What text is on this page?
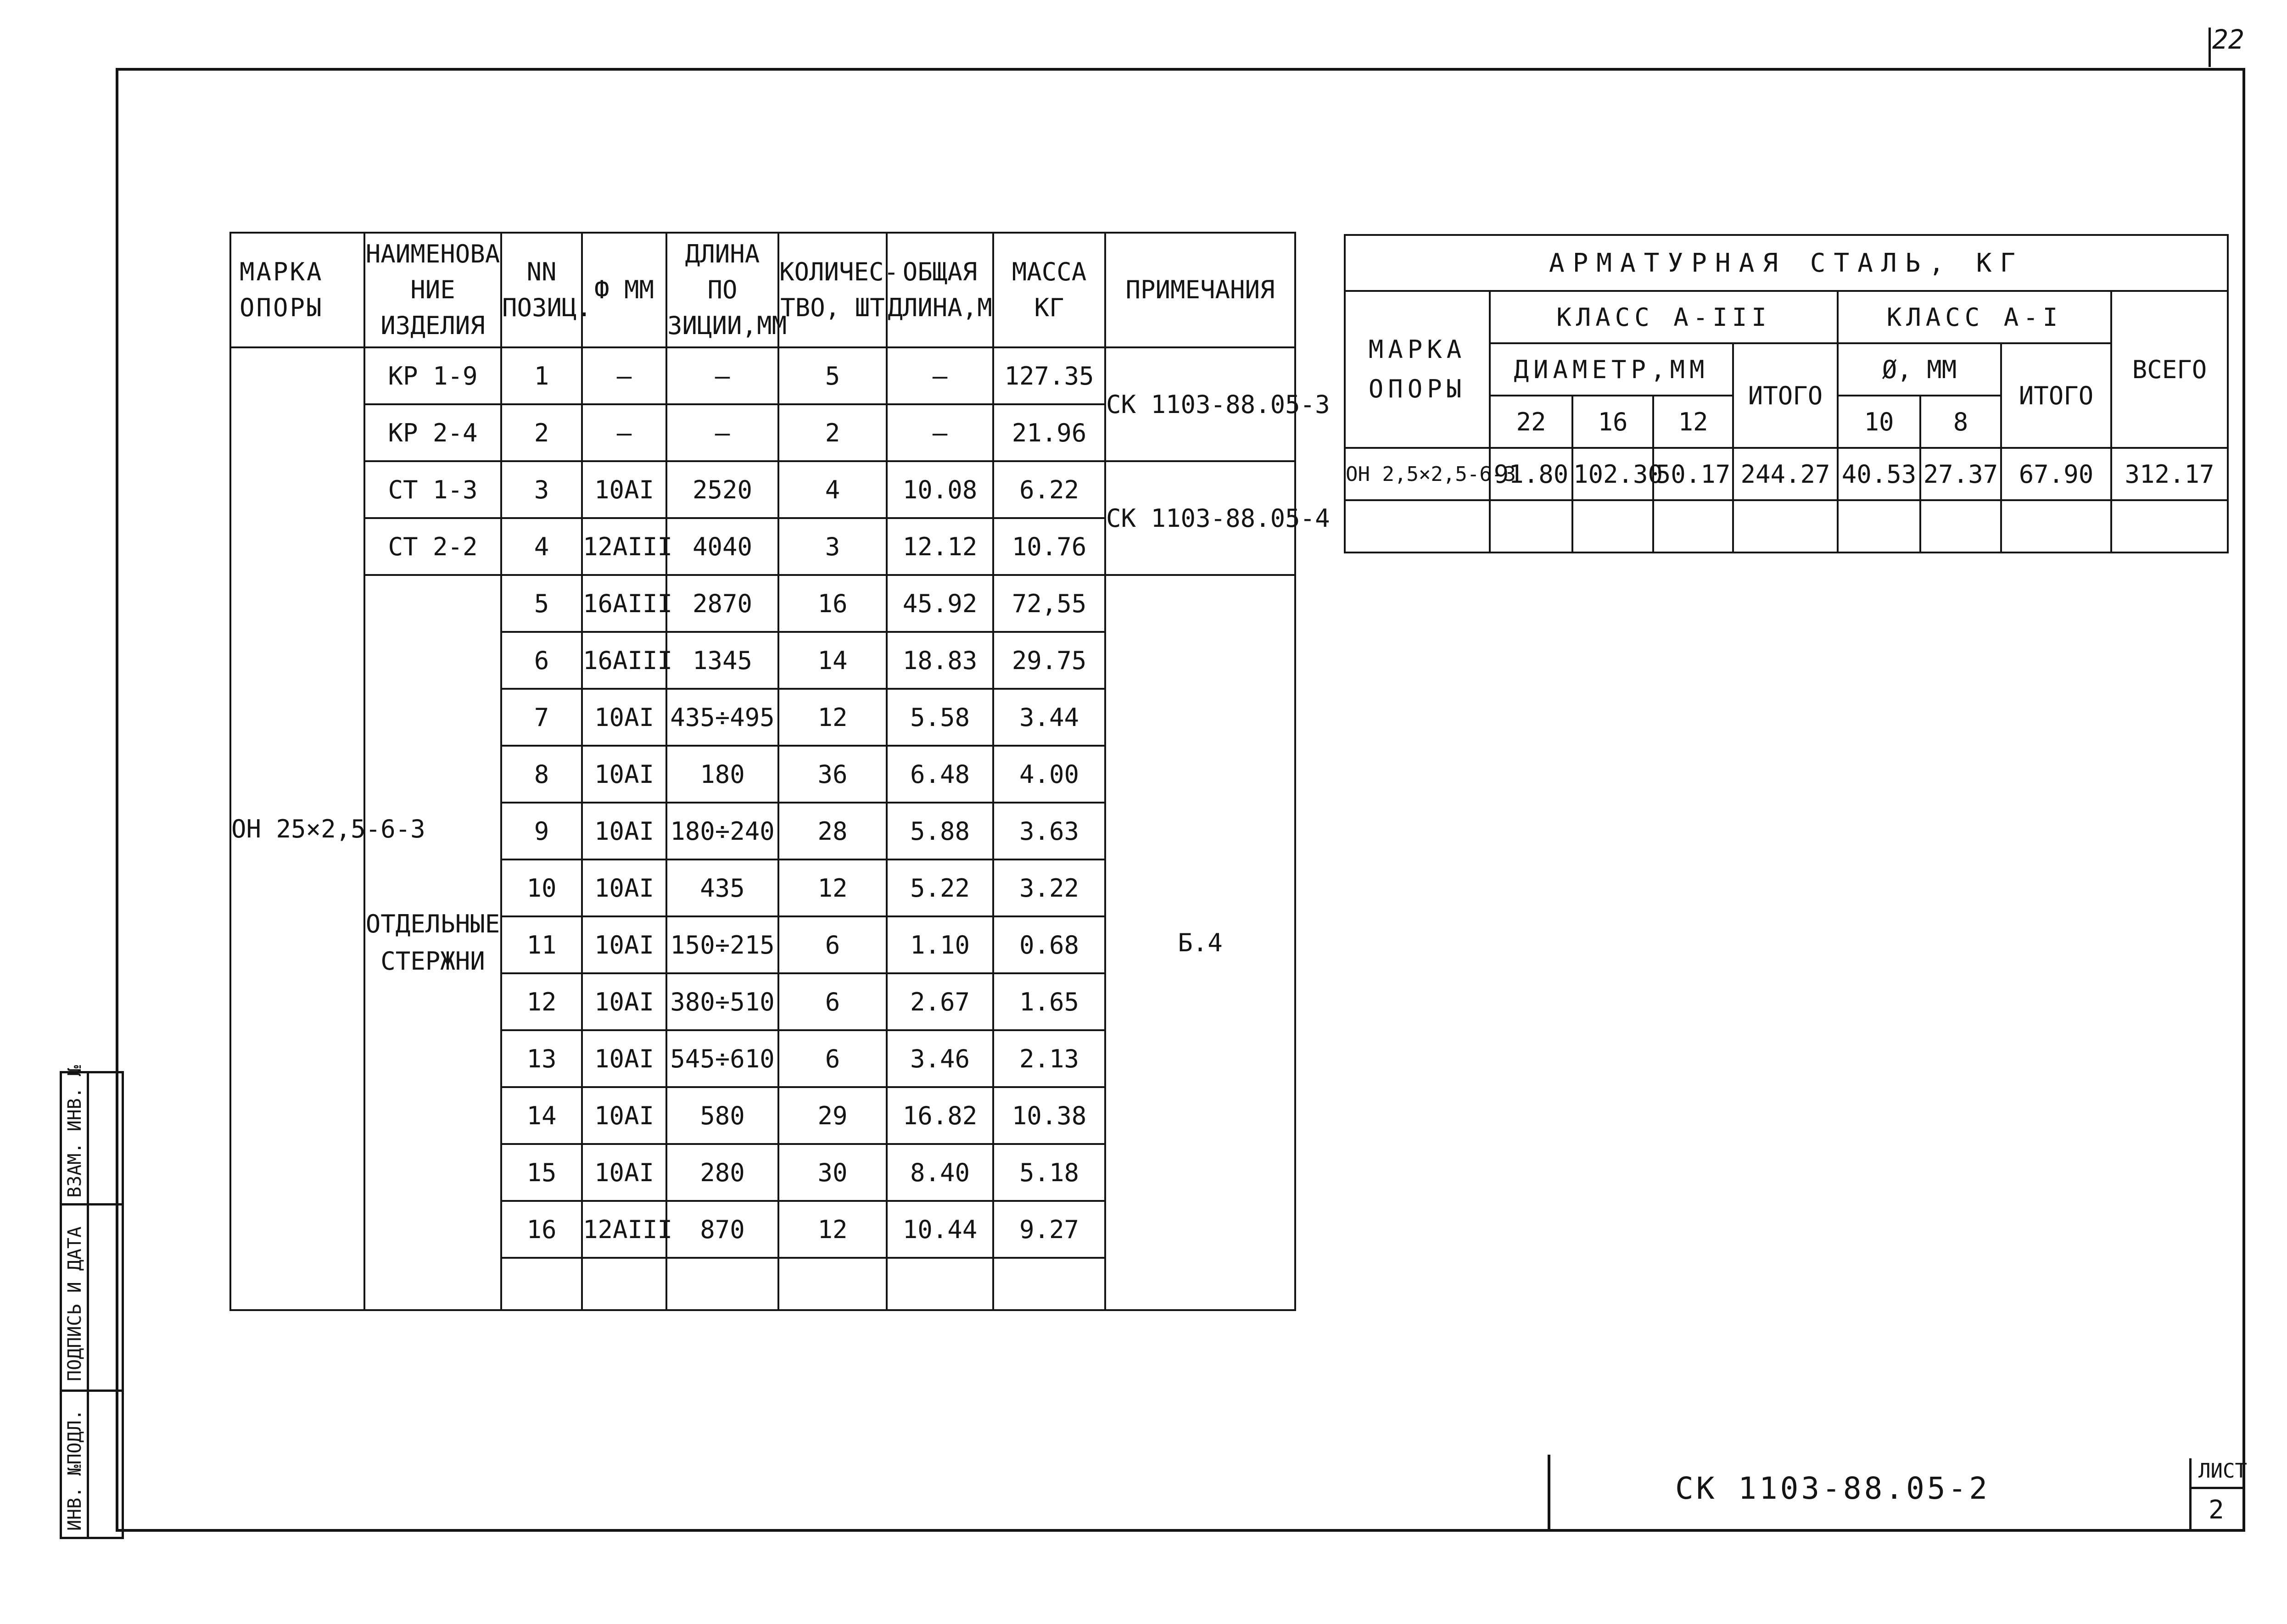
22
МАРКА ОПОРЫ	НАИМЕНОВА НИЕ ИЗДЕЛИЯ	NN ПОЗИЦ.	Ф ММ	ДЛИНА ПО ЗИЦИИ,ММ	КОЛИЧЕС- ТВО, ШТ	ОБЩАЯ ДЛИНА,М	МАССА КГ	ПРИМЕЧАНИЯ
ОН 25×2,5-6-3	КР 1-9	1	—	—	5	—	127.35	СК 1103-88.05-3
	КР 2-4	2	—	—	2	—	21.96	
	СТ 1-3	3	10АI	2520	4	10.08	6.22	СК 1103-88.05-4
	СТ 2-2	4	12АIII	4040	3	12.12	10.76	
	ОТДЕЛЬНЫЕ СТЕРЖНИ	5	16АIII	2870	16	45.92	72,55	Б.4
		6	16АIII	1345	14	18.83	29.75	
		7	10АI	435÷495	12	5.58	3.44	
		8	10АI	180	36	6.48	4.00	
		9	10АI	180÷240	28	5.88	3.63	
		10	10АI	435	12	5.22	3.22	
		11	10АI	150÷215	6	1.10	0.68	
		12	10АI	380÷510	6	2.67	1.65	
		13	10АI	545÷610	6	3.46	2.13	
		14	10АI	580	29	16.82	10.38	
		15	10АI	280	30	8.40	5.18	
		16	12АIII	870	12	10.44	9.27	

АРМАТУРНАЯ СТАЛЬ, КГ								
МАРКА ОПОРЫ	КЛАСС А-III				КЛАСС А-I			ВСЕГО
	ДИАМЕТР,ММ			ИТОГО	Ø, ММ		ИТОГО	
	22	16	12		10	8		
ОН 2,5×2,5-6-3	91.80	102.30	50.17	244.27	40.53	27.37	67.90	312.17

ВЗАМ. ИНВ. №
ПОДПИСЬ И ДАТА
ИНВ. №ПОДЛ.	СК 1103-88.05-2	ЛИСТ
2
